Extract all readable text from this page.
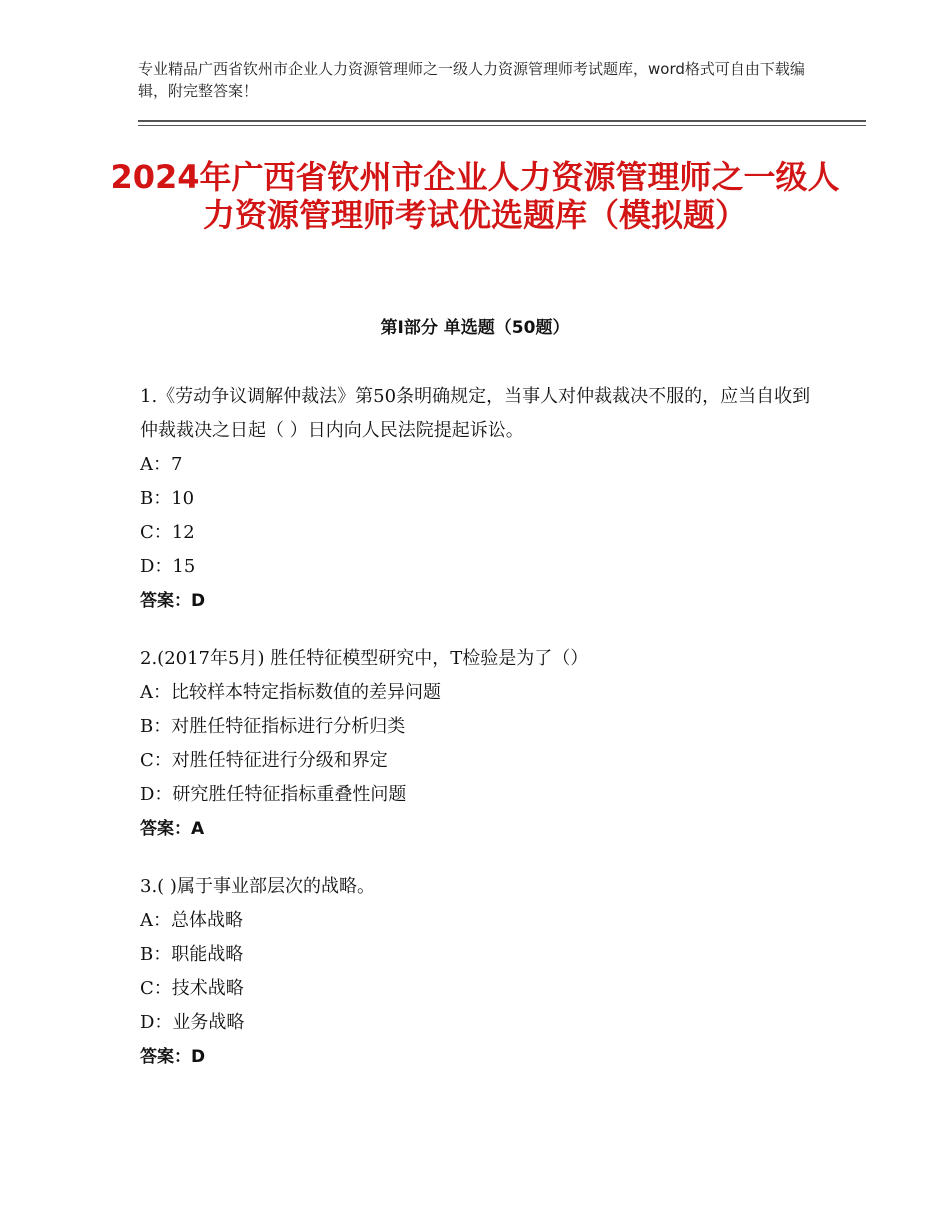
专业精品广西省钦州市企业人力资源管理师之一级人力资源管理师考试题库，word格式可自由下载编辑，附完整答案！
2024年广西省钦州市企业人力资源管理师之一级人力资源管理师考试优选题库（模拟题）
第Ⅰ部分 单选题（50题）
1.《劳动争议调解仲裁法》第50条明确规定，当事人对仲裁裁决不服的，应当自收到仲裁裁决之日起（ ）日内向人民法院提起诉讼。
A：7
B：10
C：12
D：15
答案：D
2.(2017年5月) 胜任特征模型研究中，T检验是为了（）
A：比较样本特定指标数值的差异问题
B：对胜任特征指标进行分析归类
C：对胜任特征进行分级和界定
D：研究胜任特征指标重叠性问题
答案：A
3.( )属于事业部层次的战略。
A：总体战略
B：职能战略
C：技术战略
D：业务战略
答案：D
